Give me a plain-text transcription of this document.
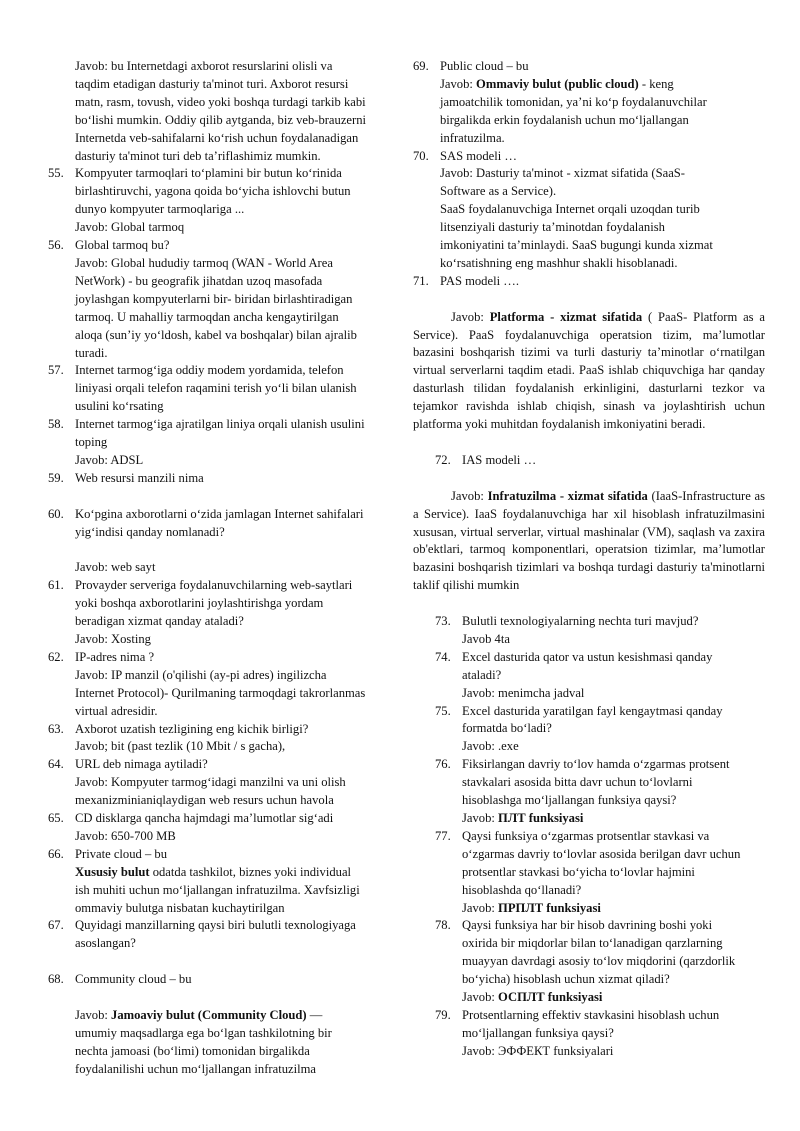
Javob: bu Internetdagi axborot resurslarini olisli va
taqdim etadigan dasturiy ta'minot turi. Axborot resursi
matn, rasm, tovush, video yoki boshqa turdagi tarkib kabi
bo‘lishi mumkin. Oddiy qilib aytganda, biz veb-brauzerni
Internetda veb-sahifalarni ko‘rish uchun foydalanadigan
dasturiy ta'minot turi deb ta’riflashimiz mumkin.
55. Kompyuter tarmoqlari to‘plamini bir butun ko‘rinida
birlashtiruvchi, yagona qoida bo‘yicha ishlovchi butun
dunyo kompyuter tarmoqlariga ...
Javob: Global tarmoq
56. Global tarmoq bu?
Javob: Global hududiy tarmoq (WAN - World Area
NetWork) - bu geografik jihatdan uzoq masofada
joylashgan kompyuterlarni bir- biridan birlashtiradigan
tarmoq. U mahalliy tarmoqdan ancha kengaytirilgan
aloqa (sun’iy yo‘ldosh, kabel va boshqalar) bilan ajralib
turadi.
57. Internet tarmog‘iga oddiy modem yordamida, telefon
liniyasi orqali telefon raqamini terish yo‘li bilan ulanish
usulini ko‘rsating
58. Internet tarmog‘iga ajratilgan liniya orqali ulanish usulini
toping
Javob: ADSL
59. Web resursi manzili nima
60. Ko‘pgina axborotlarni o‘zida jamlagan Internet sahifalari
yig‘indisi qanday nomlanadi?
Javob: web sayt
61. Provayder serveriga foydalanuvchilarning web-saytlari
yoki boshqa axborotlarini joylashtirishga yordam
beradigan xizmat qanday ataladi?
Javob: Xosting
62. IP-adres nima ?
Javob: IP manzil (o'qilishi (ay-pi adres) ingilizcha
Internet Protocol)- Qurilmaning tarmoqdagi takrorlanmas
virtual adresidir.
63. Axborot uzatish tezligining eng kichik birligi?
Javob; bit (past tezlik (10 Mbit / s gacha),
64. URL deb nimaga aytiladi?
Javob: Kompyuter tarmog‘idagi manzilni va uni olish
mexanizminianiqlaydigan web resurs uchun havola
65. CD disklarga qancha hajmdagi ma’lumotlar sig‘adi
Javob: 650-700 MB
66. Private cloud – bu
Xususiy bulut odatda tashkilot, biznes yoki individual
ish muhiti uchun mo‘ljallangan infratuzilma. Xavfsizligi
ommaviy bulutga nisbatan kuchaytirilgan
67. Quyidagi manzillarning qaysi biri bulutli texnologiyaga
asoslangan?
68. Community cloud – bu
Javob: Jamoaviy bulut (Community Cloud) —
umumiy maqsadlarga ega bo‘lgan tashkilotning bir
nechta jamoasi (bo‘limi) tomonidan birgalikda
foydalanilishi uchun mo‘ljallangan infratuzilma
69. Public cloud – bu
Javob: Ommaviy bulut (public cloud) - keng
jamoatchilik tomonidan, ya’ni ko‘p foydalanuvchilar
birgalikda erkin foydalanish uchun mo‘ljallangan
infratuzilma.
70. SAS modeli …
Javob: Dasturiy ta'minot - xizmat sifatida (SaaS-
Software as a Service).
SaaS foydalanuvchiga Internet orqali uzoqdan turib
litsenziyali dasturiy ta’minotdan foydalanish
imkoniyatini ta’minlaydi. SaaS bugungi kunda xizmat
ko‘rsatishning eng mashhur shakli hisoblanadi.
71. PAS modeli ….
Javob: Platforma - xizmat sifatida ( PaaS- Platform as a Service). PaaS foydalanuvchiga operatsion tizim, ma’lumotlar bazasini boshqarish tizimi va turli dasturiy ta’minotlar o‘rnatilgan virtual serverlarni taqdim etadi. PaaS ishlab chiquvchiga har qanday dasturlash tilidan foydalanish erkinligini, dasturlarni tezkor va tejamkor ravishda ishlab chiqish, sinash va joylashtirish uchun platforma yoki muhitdan foydalanish imkoniyatini beradi.
72. IAS modeli …
Javob: Infratuzilma - xizmat sifatida (IaaS-Infrastructure as a Service). IaaS foydalanuvchiga har xil hisoblash infratuzilmasini xususan, virtual serverlar, virtual mashinalar (VM), saqlash va zaxira ob'ektlari, tarmoq komponentlari, operatsion tizimlar, ma’lumotlar bazasini boshqarish tizimlari va boshqa turdagi dasturiy ta'minotlarni taklif qilishi mumkin
73. Bulutli texnologiyalarning nechta turi mavjud?
Javob 4ta
74. Excel dasturida qator va ustun kesishmasi qanday
ataladi?
Javob: menimcha jadval
75. Excel dasturida yaratilgan fayl kengaytmasi qanday
formatda bo‘ladi?
Javob: .exe
76. Fiksirlangan davriy to‘lov hamda o‘zgarmas protsent
stavkalari asosida bitta davr uchun to‘lovlarni
hisoblashga mo‘ljallangan funksiya qaysi?
Javob: ПЛТ funksiyasi
77. Qaysi funksiya o‘zgarmas protsentlar stavkasi va
o‘zgarmas davriy to‘lovlar asosida berilgan davr uchun
protsentlar stavkasi bo‘yicha to‘lovlar hajmini
hisoblashda qo‘llanadi?
Javob: ПРПЛТ funksiyasi
78. Qaysi funksiya har bir hisob davrining boshi yoki
oxirida bir miqdorlar bilan to‘lanadigan qarzlarning
muayyan davrdagi asosiy to‘lov miqdorini (qarzdorlik
bo‘yicha) hisoblash uchun xizmat qiladi?
Javob: ОСПЛТ funksiyasi
79. Protsentlarning effektiv stavkasini hisoblash uchun
mo‘ljallangan funksiya qaysi?
Javob: ЭФФЕКТ funksiyalari
